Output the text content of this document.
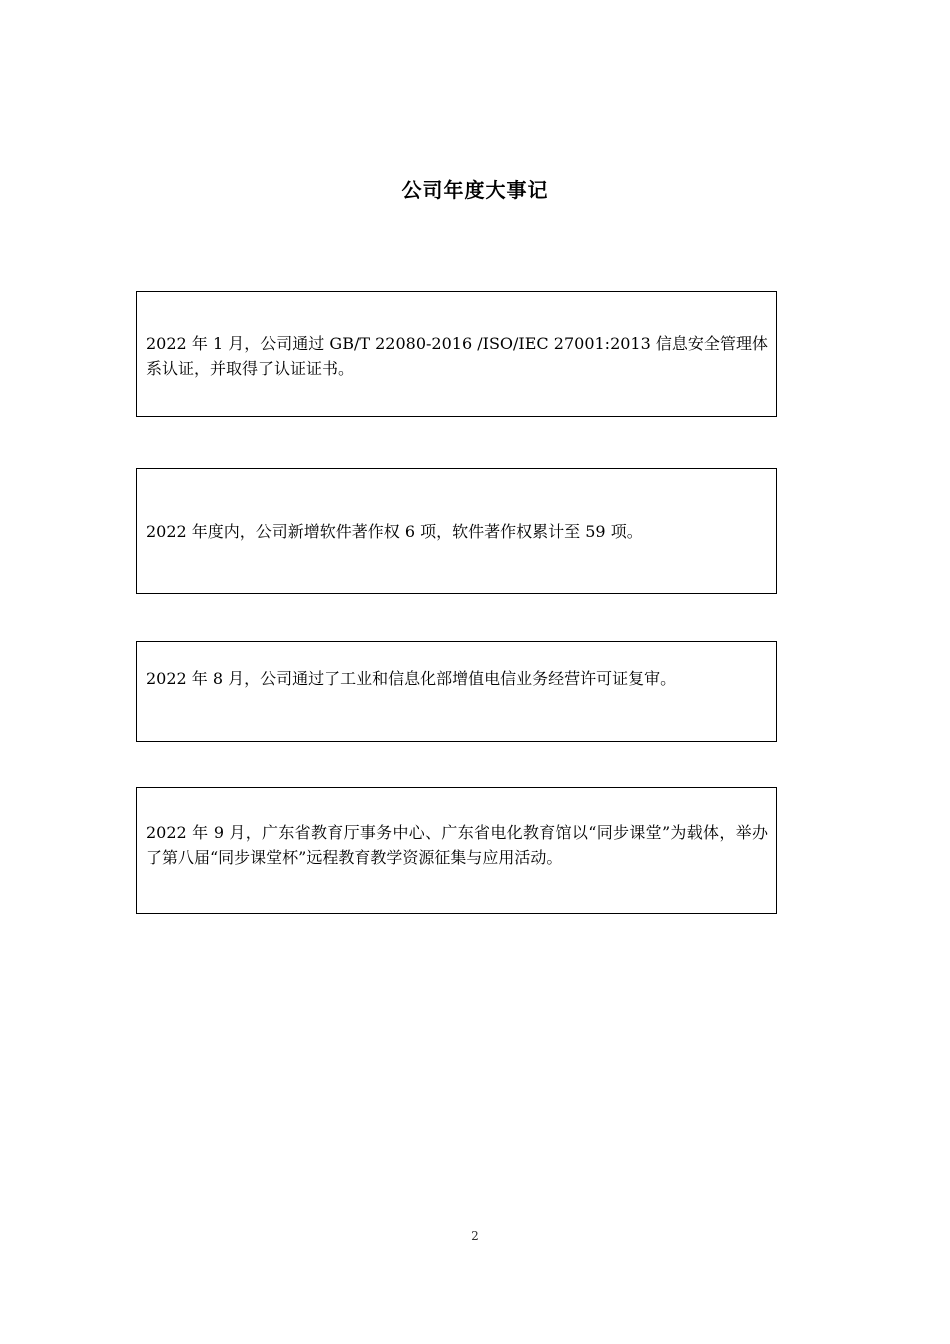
公司年度大事记
2022 年 1 月，公司通过 GB/T 22080-2016 /ISO/IEC 27001:2013 信息安全管理体系认证，并取得了认证证书。
2022 年度内，公司新增软件著作权 6 项，软件著作权累计至 59 项。
2022 年 8 月，公司通过了工业和信息化部增值电信业务经营许可证复审。
2022 年 9 月，广东省教育厅事务中心、广东省电化教育馆以“同步课堂”为载体，举办了第八届“同步课堂杯”远程教育教学资源征集与应用活动。
2
